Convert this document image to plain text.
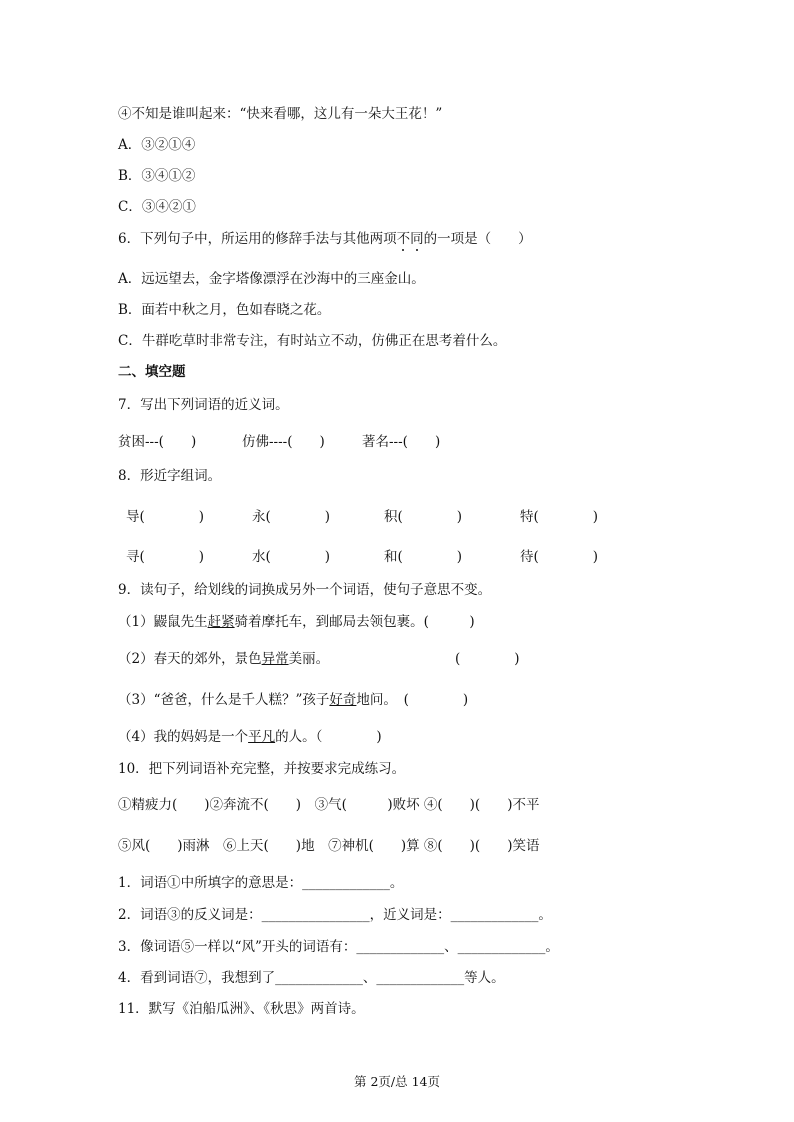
④不知是谁叫起来：“快来看哪，这儿有一朵大王花！”
A．③②①④
B．③④①②
C．③④②①
6．下列句子中，所运用的修辞手法与其他两项不同的一项是（　　）
A．远远望去，金字塔像漂浮在沙海中的三座金山。
B．面若中秋之月，色如春晓之花。
C．牛群吃草时非常专注，有时站立不动，仿佛正在思考着什么。
二、填空题
7．写出下列词语的近义词。
贫困---(　　)	仿佛----(　　)	著名---(　　)
8．形近字组词。
导(　　　　)	永(　　　　)	积(　　　　)	特(　　　　)
寻(　　　　)	水(　　　　)	和(　　　　)	待(　　　　)
9．读句子，给划线的词换成另外一个词语，使句子意思不变。
（1）鼹鼠先生赶紧骑着摩托车，到邮局去领包裹。(　　　)
（2）春天的郊外，景色异常美丽。	(　　　　)
（3）“爸爸，什么是千人糕？”孩子好奇地问。　(　　　　)
（4）我的妈妈是一个平凡的人。（　　　　)
10．把下列词语补充完整，并按要求完成练习。
①精疲力(　　)②奔流不(　　)　③气(　　　)败坏 ④(　　)(　　)不平
⑤风(　　)雨淋　⑥上天(　　)地　⑦神机(　　)算 ⑧(　　)(　　)笑语
1．词语①中所填字的意思是：_____________。
2．词语③的反义词是：________________，近义词是：_____________。
3．像词语⑤一样以“风”开头的词语有：_____________、_____________。
4．看到词语⑦，我想到了_____________、_____________等人。
11．默写《泊船瓜洲》、《秋思》两首诗。
第 2页/总 14页
